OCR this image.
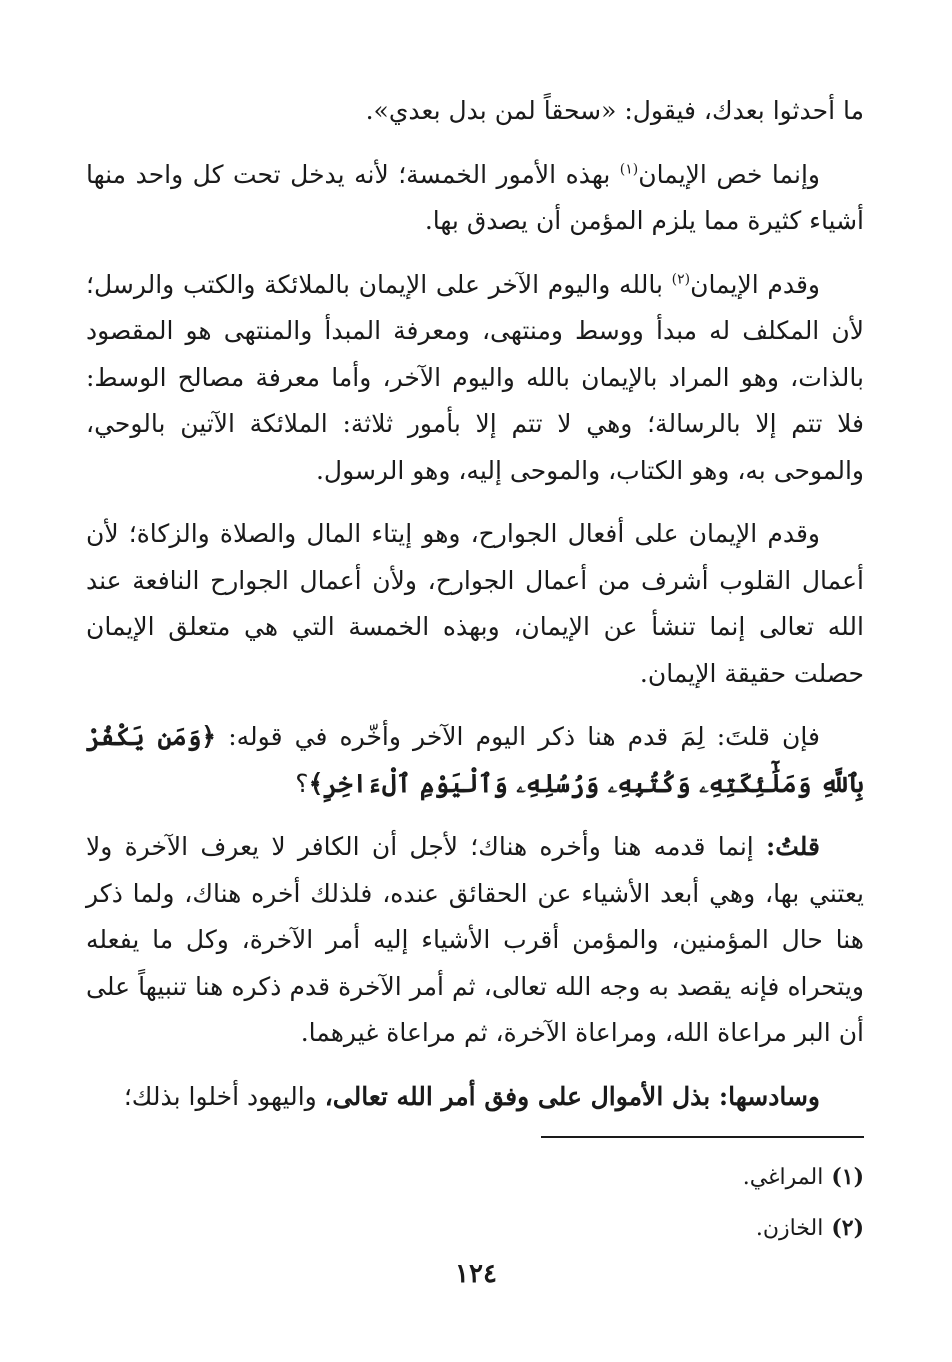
ما أحدثوا بعدك، فيقول: «سحقاً لمن بدل بعدي».

وإنما خص الإيمان$^{(١)}$ بهذه الأمور الخمسة؛ لأنه يدخل تحت كل واحد منها أشياء كثيرة مما يلزم المؤمن أن يصدق بها.

وقدم الإيمان$^{(٢)}$ بالله واليوم الآخر على الإيمان بالملائكة والكتب والرسل؛ لأن المكلف له مبدأ ووسط ومنتهى، ومعرفة المبدأ والمنتهى هو المقصود بالذات، وهو المراد بالإيمان بالله واليوم الآخر، وأما معرفة مصالح الوسط: فلا تتم إلا بالرسالة؛ وهي لا تتم إلا بأمور ثلاثة: الملائكة الآتين بالوحي، والموحى به، وهو الكتاب، والموحى إليه، وهو الرسول.

وقدم الإيمان على أفعال الجوارح، وهو إيتاء المال والصلاة والزكاة؛ لأن أعمال القلوب أشرف من أعمال الجوارح، ولأن أعمال الجوارح النافعة عند الله تعالى إنما تنشأ عن الإيمان، وبهذه الخمسة التي هي متعلق الإيمان حصلت حقيقة الإيمان.

فإن قلتَ: لِمَ قدم هنا ذكر اليوم الآخر وأخّره في قوله: ﴿وَمَن يَكْفُرْ بِٱللَّهِ وَمَلَٰٓئِكَتِهِۦ وَكُتُبِهِۦ وَرُسُلِهِۦ وَٱلْيَوْمِ ٱلْءَاخِرِ﴾؟

قلتُ: إنما قدمه هنا وأخره هناك؛ لأجل أن الكافر لا يعرف الآخرة ولا يعتني بها، وهي أبعد الأشياء عن الحقائق عنده، فلذلك أخره هناك، ولما ذكر هنا حال المؤمنين، والمؤمن أقرب الأشياء إليه أمر الآخرة، وكل ما يفعله ويتحراه فإنه يقصد به وجه الله تعالى، ثم أمر الآخرة قدم ذكره هنا تنبيهاً على أن البر مراعاة الله، ومراعاة الآخرة، ثم مراعاة غيرهما.

وسادسها: بذل الأموال على وفق أمر الله تعالى، واليهود أخلوا بذلك؛

(١)المراغي.
(٢)الخازن.
١٢٤
